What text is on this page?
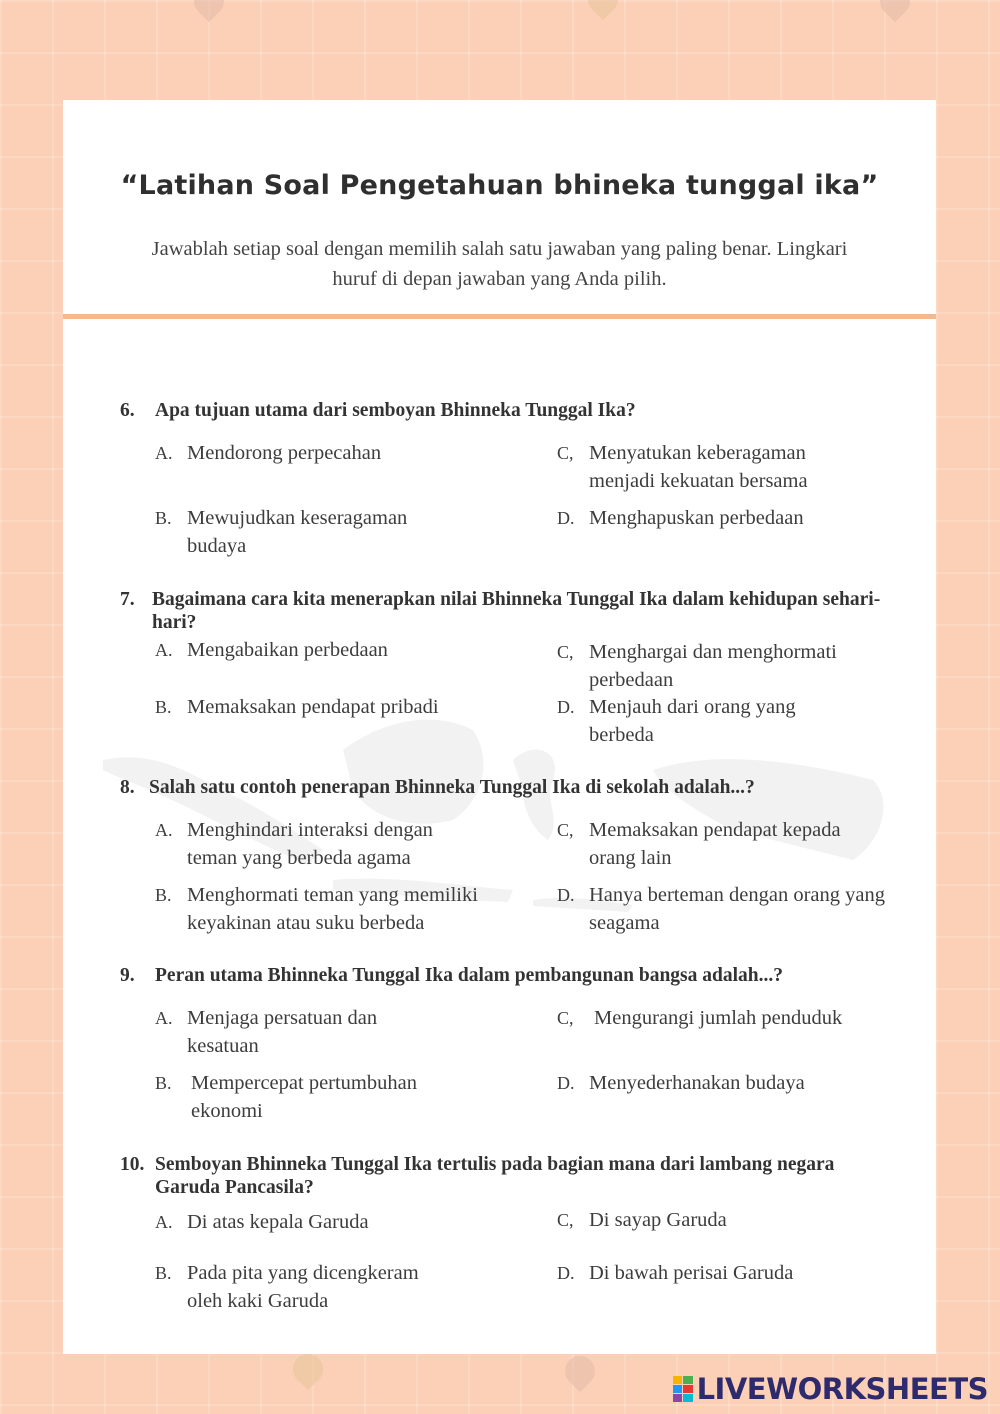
“Latihan Soal Pengetahuan bhineka tunggal ika”
Jawablah setiap soal dengan memilih salah satu jawaban yang paling benar. Lingkari huruf di depan jawaban yang Anda pilih.
6.	Apa tujuan utama dari semboyan Bhinneka Tunggal Ika?
A. Mendorong perpecahan
B. Mewujudkan keseragaman budaya
C, Menyatukan keberagaman menjadi kekuatan bersama
D. Menghapuskan perbedaan
7. Bagaimana cara kita menerapkan nilai Bhinneka Tunggal Ika dalam kehidupan sehari-hari?
A. Mengabaikan perbedaan
B. Memaksakan pendapat pribadi
C, Menghargai dan menghormati perbedaan
D. Menjauh dari orang yang berbeda
8. Salah satu contoh penerapan Bhinneka Tunggal Ika di sekolah adalah...?
A. Menghindari interaksi dengan teman yang berbeda agama
B. Menghormati teman yang memiliki keyakinan atau suku berbeda
C, Memaksakan pendapat kepada orang lain
D. Hanya berteman dengan orang yang seagama
9.	Peran utama Bhinneka Tunggal Ika dalam pembangunan bangsa adalah...?
A. Menjaga persatuan dan kesatuan
B. Mempercepat pertumbuhan ekonomi
C, Mengurangi jumlah penduduk
D. Menyederhanakan budaya
10. Semboyan Bhinneka Tunggal Ika tertulis pada bagian mana dari lambang negara Garuda Pancasila?
A. Di atas kepala Garuda
B. Pada pita yang dicengkeram oleh kaki Garuda
C, Di sayap Garuda
D. Di bawah perisai Garuda
LIVEWORKSHEETS
